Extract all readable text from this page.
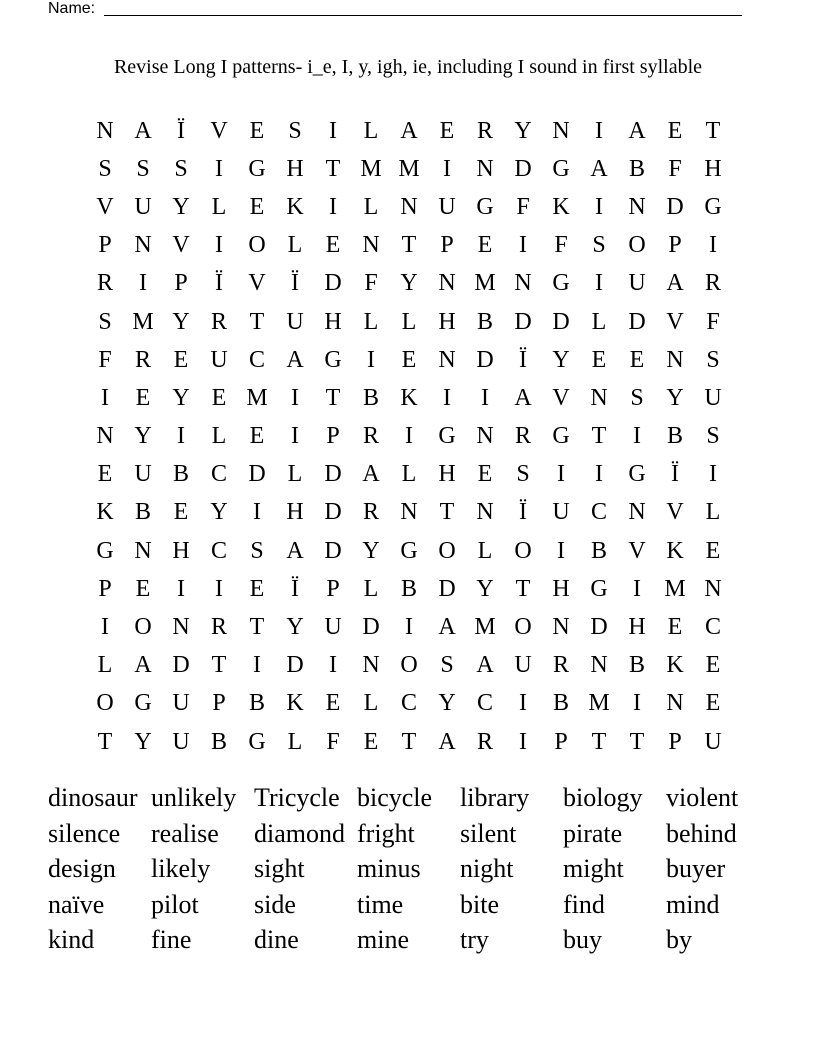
Name:
Revise Long I patterns- i_e, I, y, igh, ie, including I sound in first syllable
N A	Ï	V E S	I	L A E R Y N	I	A E T
S	S	S	I	G H T M M I	N D G A B F H
V U Y L E K	I	L N U G F K	I	N D G
P N V	I	O L E N T P E	I	F	S O P	I
R	I	P	Ï	V	Ï	D F Y N M N G	I	U A R
S M Y R T U H L L H B D D L D V F
F R E U C A G	I	E N D	Ï	Y E E N S
I	E Y E M I	T B K	I	I	A V N S Y U
N Y	I	L E	I	P R	I	G N R G T	I	B S
E U B C D L D A L H E S	I	I	G	Ï	I
K B E Y	I	H D R N T N	Ï	U C N V L
G N H C S A D Y G O L O	I	B V K E
P E	I	I	E	Ï	P L B D Y T H G	I M N
I	O N R T Y U D	I	A M O N D H E C
L A D T	I	D	I	N O S A U R N B K E
O G U P B K E L C Y C	I	B M I	N E
T Y U B G L F E T A R	I	P T T P U
dinosaur unlikely Tricycle bicycle	library	biology violent
silence	realise	diamond fright	silent	pirate	behind
design	likely	sight	minus	night	might	buyer
naïve	pilot	side	time	bite	find	mind
kind	fine	dine	mine	try	buy	by
